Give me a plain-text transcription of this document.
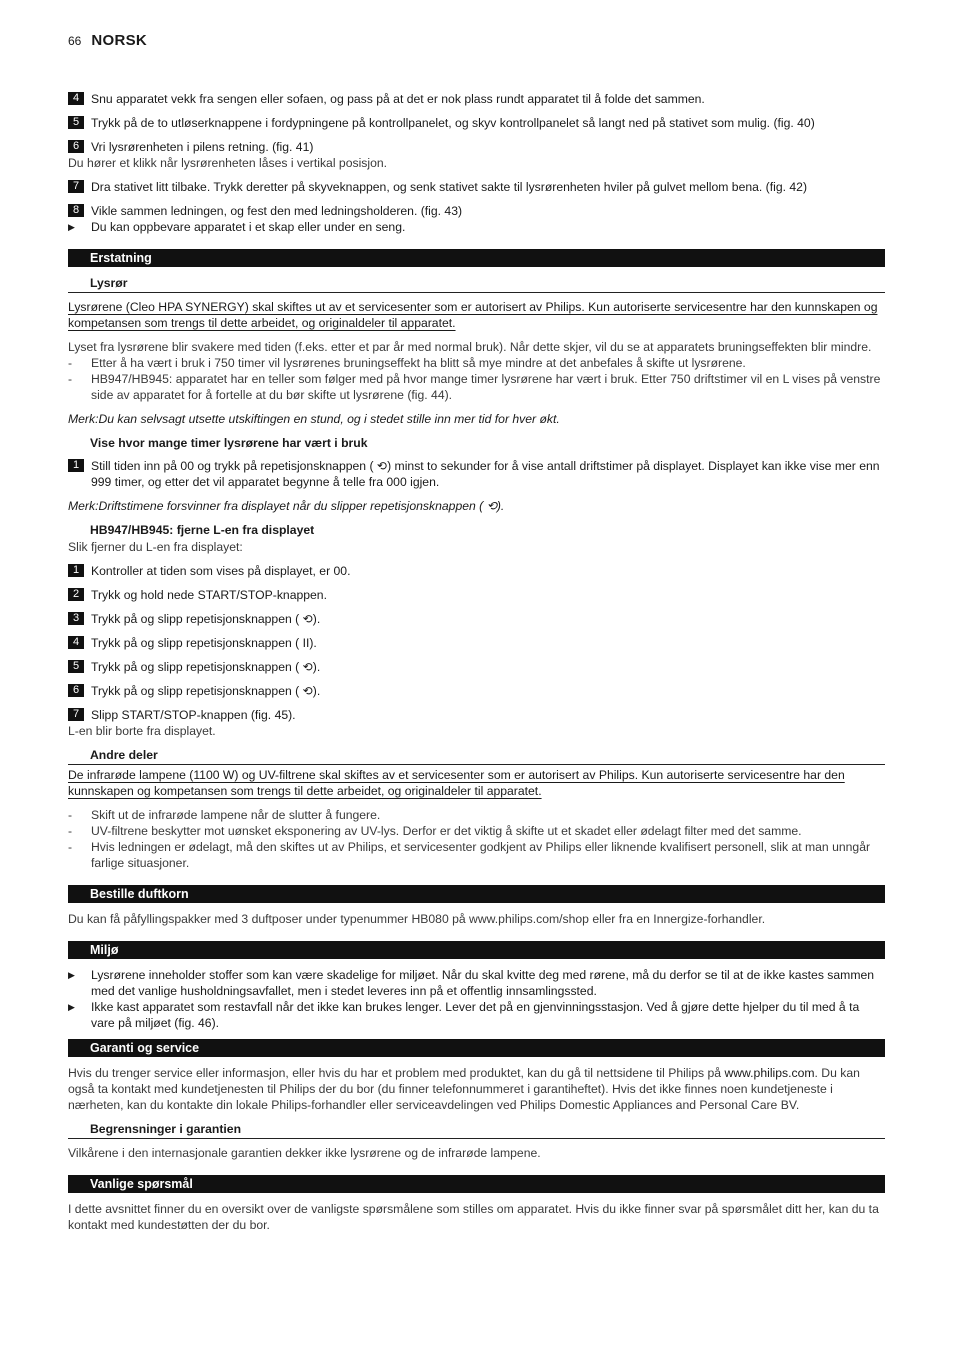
66 NORSK
4 Snu apparatet vekk fra sengen eller sofaen, og pass på at det er nok plass rundt apparatet til å folde det sammen.
5 Trykk på de to utløserknappene i fordypningene på kontrollpanelet, og skyv kontrollpanelet så langt ned på stativet som mulig. (fig. 40)
6 Vri lysrørenheten i pilens retning. (fig. 41)
Du hører et klikk når lysrørenheten låses i vertikal posisjon.
7 Dra stativet litt tilbake. Trykk deretter på skyveknappen, og senk stativet sakte til lysrørenheten hviler på gulvet mellom bena. (fig. 42)
8 Vikle sammen ledningen, og fest den med ledningsholderen. (fig. 43)
▶	Du kan oppbevare apparatet i et skap eller under en seng.
Erstatning
Lysrør
Lysrørene (Cleo HPA SYNERGY) skal skiftes ut av et servicesenter som er autorisert av Philips. Kun autoriserte servicesentre har den kunnskapen og kompetansen som trengs til dette arbeidet, og originaldeler til apparatet.
Lyset fra lysrørene blir svakere med tiden (f.eks. etter et par år med normal bruk). Når dette skjer, vil du se at apparatets bruningseffekten blir mindre.
-	Etter å ha vært i bruk i 750 timer vil lysrørenes bruningseffekt ha blitt så mye mindre at det anbefales å skifte ut lysrørene.
-	HB947/HB945: apparatet har en teller som følger med på hvor mange timer lysrørene har vært i bruk. Etter 750 driftstimer vil en L vises på venstre side av apparatet for å fortelle at du bør skifte ut lysrørene (fig. 44).
Merk:Du kan selvsagt utsette utskiftingen en stund, og i stedet stille inn mer tid for hver økt.
Vise hvor mange timer lysrørene har vært i bruk
1 Still tiden inn på 00 og trykk på repetisjonsknappen ( ⟲) minst to sekunder for å vise antall driftstimer på displayet. Displayet kan ikke vise mer enn 999 timer, og etter det vil apparatet begynne å telle fra 000 igjen.
Merk:Driftstimene forsvinner fra displayet når du slipper repetisjonsknappen ( ⟲).
HB947/HB945: fjerne L-en fra displayet
Slik fjerner du L-en fra displayet:
1 Kontroller at tiden som vises på displayet, er 00.
2 Trykk og hold nede START/STOP-knappen.
3 Trykk på og slipp repetisjonsknappen ( ⟲).
4 Trykk på og slipp repetisjonsknappen ( II).
5 Trykk på og slipp repetisjonsknappen ( ⟲).
6 Trykk på og slipp repetisjonsknappen ( ⟲).
7 Slipp START/STOP-knappen (fig. 45).
L-en blir borte fra displayet.
Andre deler
De infrarøde lampene (1100 W) og UV-filtrene skal skiftes av et servicesenter som er autorisert av Philips. Kun autoriserte servicesentre har den kunnskapen og kompetansen som trengs til dette arbeidet, og originaldeler til apparatet.
-	Skift ut de infrarøde lampene når de slutter å fungere.
-	UV-filtrene beskytter mot uønsket eksponering av UV-lys. Derfor er det viktig å skifte ut et skadet eller ødelagt filter med det samme.
-	Hvis ledningen er ødelagt, må den skiftes ut av Philips, et servicesenter godkjent av Philips eller liknende kvalifisert personell, slik at man unngår farlige situasjoner.
Bestille duftkorn
Du kan få påfyllingspakker med 3 duftposer under typenummer HB080 på www.philips.com/shop eller fra en Innergize-forhandler.
Miljø
▶	Lysrørene inneholder stoffer som kan være skadelige for miljøet. Når du skal kvitte deg med rørene, må du derfor se til at de ikke kastes sammen med det vanlige husholdningsavfallet, men i stedet leveres inn på et offentlig innsamlingssted.
▶	Ikke kast apparatet som restavfall når det ikke kan brukes lenger. Lever det på en gjenvinningsstasjon. Ved å gjøre dette hjelper du til med å ta vare på miljøet (fig. 46).
Garanti og service
Hvis du trenger service eller informasjon, eller hvis du har et problem med produktet, kan du gå til nettsidene til Philips på www.philips.com. Du kan også ta kontakt med kundetjenesten til Philips der du bor (du finner telefonnummeret i garantiheftet). Hvis det ikke finnes noen kundetjeneste i nærheten, kan du kontakte din lokale Philips-forhandler eller serviceavdelingen ved Philips Domestic Appliances and Personal Care BV.
Begrensninger i garantien
Vilkårene i den internasjonale garantien dekker ikke lysrørene og de infrarøde lampene.
Vanlige spørsmål
I dette avsnittet finner du en oversikt over de vanligste spørsmålene som stilles om apparatet. Hvis du ikke finner svar på spørsmålet ditt her, kan du ta kontakt med kundestøtten der du bor.
